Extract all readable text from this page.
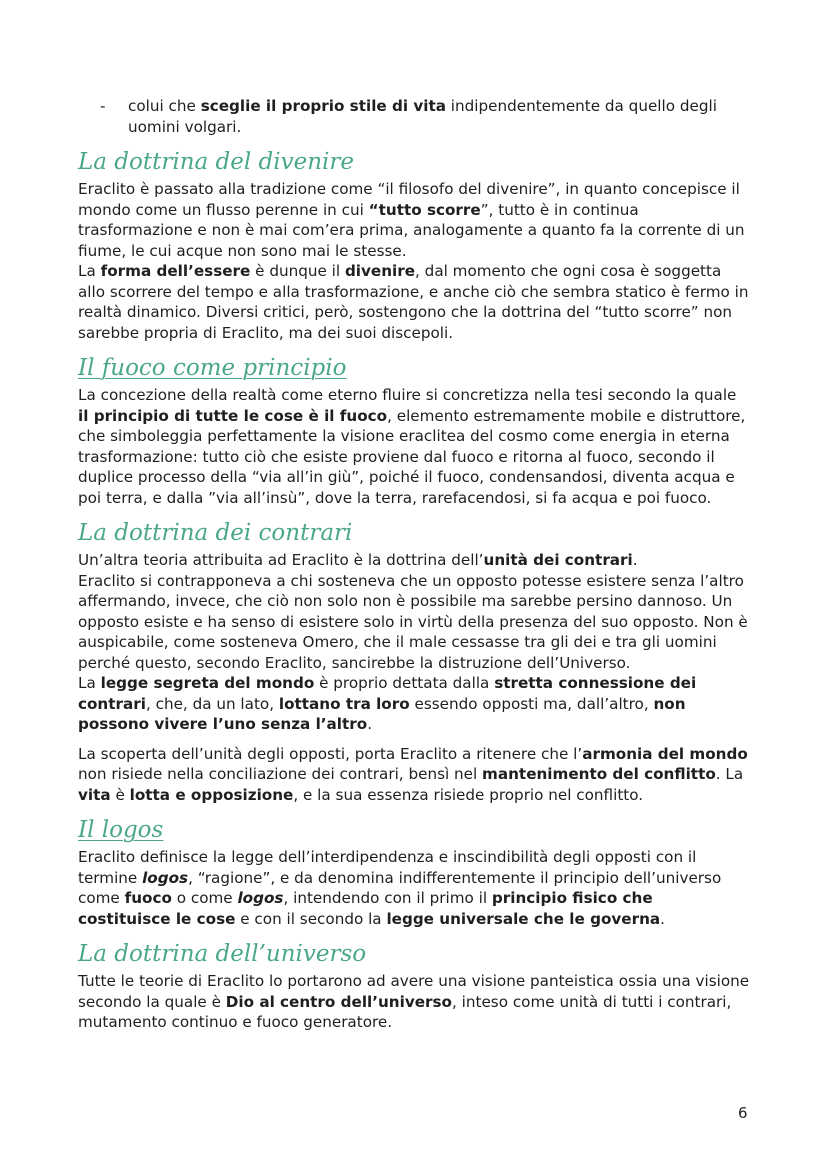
- colui che sceglie il proprio stile di vita indipendentemente da quello degli uomini volgari.
La dottrina del divenire

Eraclito è passato alla tradizione come “il filosofo del divenire”, in quanto concepisce il mondo come un flusso perenne in cui “tutto scorre”, tutto è in continua trasformazione e non è mai com’era prima, analogamente a quanto fa la corrente di un fiume, le cui acque non sono mai le stesse.

La forma dell’essere è dunque il divenire, dal momento che ogni cosa è soggetta allo scorrere del tempo e alla trasformazione, e anche ciò che sembra statico è fermo in realtà dinamico. Diversi critici, però, sostengono che la dottrina del “tutto scorre” non sarebbe propria di Eraclito, ma dei suoi discepoli.

Il fuoco come principio

La concezione della realtà come eterno fluire si concretizza nella tesi secondo la quale il principio di tutte le cose è il fuoco, elemento estremamente mobile e distruttore, che simboleggia perfettamente la visione eraclitea del cosmo come energia in eterna trasformazione: tutto ciò che esiste proviene dal fuoco e ritorna al fuoco, secondo il duplice processo della “via all’in giù”, poiché il fuoco, condensandosi, diventa acqua e poi terra, e dalla ”via all’insù”, dove la terra, rarefacendosi, si fa acqua e poi fuoco.

La dottrina dei contrari

Un’altra teoria attribuita ad Eraclito è la dottrina dell’unità dei contrari.

Eraclito si contrapponeva a chi sosteneva che un opposto potesse esistere senza l’altro affermando, invece, che ciò non solo non è possibile ma sarebbe persino dannoso. Un opposto esiste e ha senso di esistere solo in virtù della presenza del suo opposto. Non è auspicabile, come sosteneva Omero, che il male cessasse tra gli dei e tra gli uomini perché questo, secondo Eraclito, sancirebbe la distruzione dell’Universo.

La legge segreta del mondo è proprio dettata dalla stretta connessione dei contrari, che, da un lato, lottano tra loro essendo opposti ma, dall’altro, non possono vivere l’uno senza l’altro.

La scoperta dell’unità degli opposti, porta Eraclito a ritenere che l’armonia del mondo non risiede nella conciliazione dei contrari, bensì nel mantenimento del conflitto. La vita è lotta e opposizione, e la sua essenza risiede proprio nel conflitto.

Il logos

Eraclito definisce la legge dell’interdipendenza e inscindibilità degli opposti con il termine logos, “ragione”, e da denomina indifferentemente il principio dell’universo come fuoco o come logos, intendendo con il primo il principio fisico che costituisce le cose e con il secondo la legge universale che le governa.

La dottrina dell’universo

Tutte le teorie di Eraclito lo portarono ad avere una visione panteistica ossia una visione secondo la quale è Dio al centro dell’universo, inteso come unità di tutti i contrari, mutamento continuo e fuoco generatore.

6
